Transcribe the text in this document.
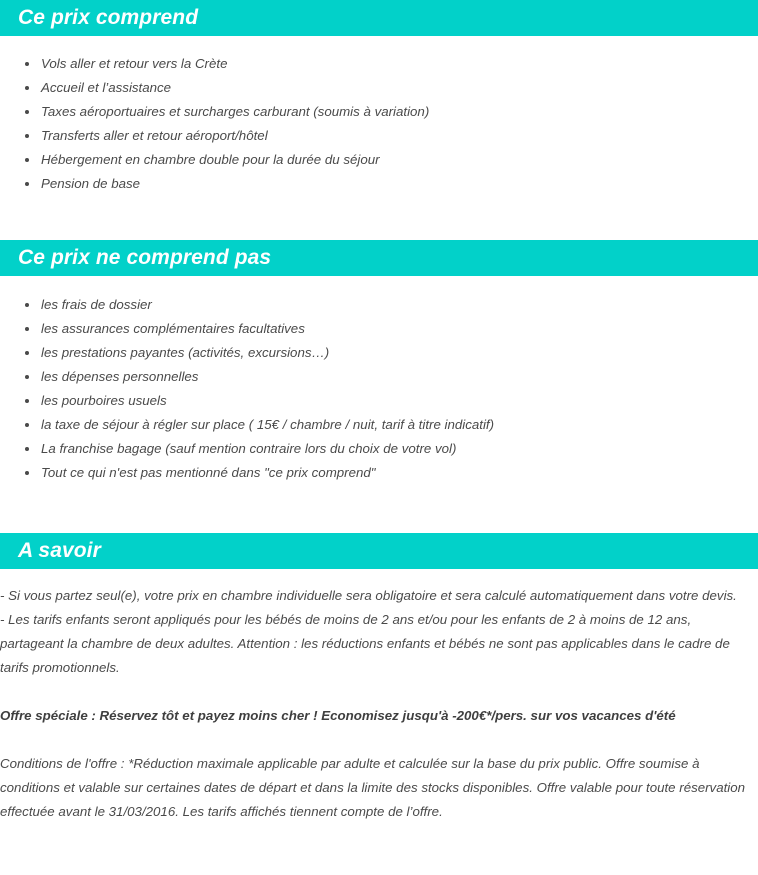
Ce prix comprend
Vols aller et retour vers la Crète
Accueil et l’assistance
Taxes aéroportuaires et surcharges carburant (soumis à variation)
Transferts aller et retour aéroport/hôtel
Hébergement en chambre double pour la durée du séjour
Pension de base
Ce prix ne comprend pas
les frais de dossier
les assurances complémentaires facultatives
les prestations payantes (activités, excursions…)
les dépenses personnelles
les pourboires usuels
la taxe de séjour à régler sur place ( 15€ / chambre / nuit, tarif à titre indicatif)
La franchise bagage (sauf mention contraire lors du choix de votre vol)
Tout ce qui n'est pas mentionné dans "ce prix comprend"
A savoir

- Si vous partez seul(e), votre prix en chambre individuelle sera obligatoire et sera calculé automatiquement dans votre devis.

- Les tarifs enfants seront appliqués pour les bébés de moins de 2 ans et/ou pour les enfants de 2 à moins de 12 ans, partageant la chambre de deux adultes. Attention : les réductions enfants et bébés ne sont pas applicables dans le cadre de tarifs promotionnels.

Offre spéciale : Réservez tôt et payez moins cher ! Economisez jusqu'à -200€*/pers. sur vos vacances d'été

Conditions de l'offre : *Réduction maximale applicable par adulte et calculée sur la base du prix public. Offre soumise à conditions et valable sur certaines dates de départ et dans la limite des stocks disponibles. Offre valable pour toute réservation effectuée avant le 31/03/2016. Les tarifs affichés tiennent compte de l’offre.
